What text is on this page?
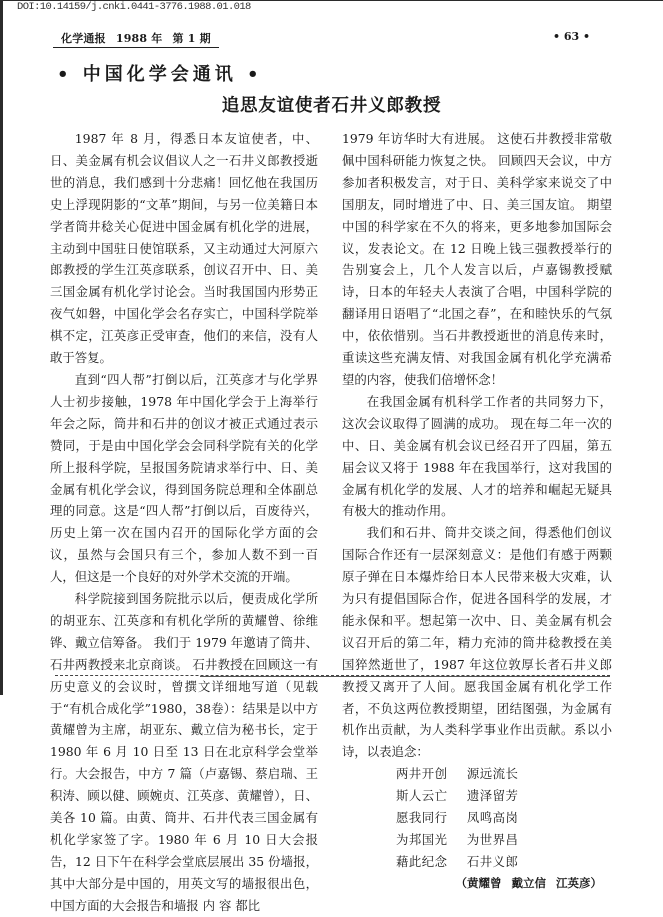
DOI:10.14159/j.cnki.0441-3776.1988.01.018
化学通报 1988 年 第 1 期	• 63 •
• 中国化学会通讯 •
追思友谊使者石井义郎教授

1987 年 8 月，得悉日本友谊使者，中、日、美金属有机会议倡议人之一石井义郎教授逝世的消息，我们感到十分悲痛！回忆他在我国历史上浮现阴影的“文革”期间，与另一位美籍日本学者筒井稔关心促进中国金属有机化学的进展，主动到中国驻日使馆联系，又主动通过大河原六郎教授的学生江英彦联系，创议召开中、日、美三国金属有机化学讨论会。当时我国国内形势正夜气如磐，中国化学会名存实亡，中国科学院举棋不定，江英彦正受审查，他们的来信，没有人敢于答复。

直到“四人帮”打倒以后，江英彦才与化学界人士初步接触，1978 年中国化学会于上海举行年会之际，筒井和石井的创议才被正式通过表示赞同，于是由中国化学会会同科学院有关的化学所上报科学院，呈报国务院请求举行中、日、美金属有机化学会议，得到国务院总理和全体副总理的同意。这是“四人帮”打倒以后，百废待兴，历史上第一次在国内召开的国际化学方面的会议，虽然与会国只有三个，参加人数不到一百人，但这是一个良好的对外学术交流的开端。

科学院接到国务院批示以后，便责成化学所的胡亚东、江英彦和有机化学所的黄耀曾、徐维铧、戴立信筹备。 我们于 1979 年邀请了筒井、石井两教授来北京商谈。 石井教授在回顾这一有历史意义的会议时，曾撰文详细地写道（见载于“有机合成化学”1980，38卷）：结果是以中方黄耀曾为主席，胡亚东、戴立信为秘书长，定于 1980 年 6 月 10 日至 13 日在北京科学会堂举行。大会报告，中方 7 篇（卢嘉锡、蔡启瑞、王积涛、顾以健、顾婉贞、江英彦、黄耀曾），日、美各 10 篇。由黄、筒井、石井代表三国金属有机化学家签了字。1980 年 6 月 10 日大会报告，12 日下午在科学会堂底层展出 35 份墙报，其中大部分是中国的，用英文写的墙报很出色，中国方面的大会报告和墙报 内 容 都比

1979 年访华时大有进展。 这使石井教授非常敬佩中国科研能力恢复之快。 回顾四天会议，中方参加者积极发言，对于日、美科学家来说交了中国朋友，同时增进了中、日、美三国友谊。 期望中国的科学家在不久的将来，更多地参加国际会议，发表论文。在 12 日晚上钱三强教授举行的告别宴会上，几个人发言以后，卢嘉锡教授赋诗，日本的年轻夫人表演了合唱，中国科学院的翻译用日语唱了“北国之春”，在和睦快乐的气氛中，依依惜别。当石井教授逝世的消息传来时，重读这些充满友情、对我国金属有机化学充满希望的内容，使我们倍增怀念！

在我国金属有机科学工作者的共同努力下，这次会议取得了圆满的成功。 现在每二年一次的中、日、美金属有机会议已经召开了四届，第五届会议又将于 1988 年在我国举行，这对我国的金属有机化学的发展、人才的培养和崛起无疑具有极大的推动作用。

我们和石井、筒井交谈之间，得悉他们创议国际合作还有一层深刻意义：是他们有感于两颗原子弹在日本爆炸给日本人民带来极大灾难，认为只有提倡国际合作，促进各国科学的发展，才能永保和平。想起第一次中、日、美金属有机会议召开后的第二年，精力充沛的筒井稔教授在美国猝然逝世了，1987 年这位敦厚长者石井义郎教授又离开了人间。愿我国金属有机化学工作者，不负这两位教授期望，团结图强，为金属有机作出贡献，为人类科学事业作出贡献。系以小诗，以表追念：

两井开创  源远流长
斯人云亡  遗泽留芳
愿我同行  凤鸣高岗
为邦国光  为世界昌
藉此纪念  石井义郎
（黄耀曾 戴立信 江英彦）
